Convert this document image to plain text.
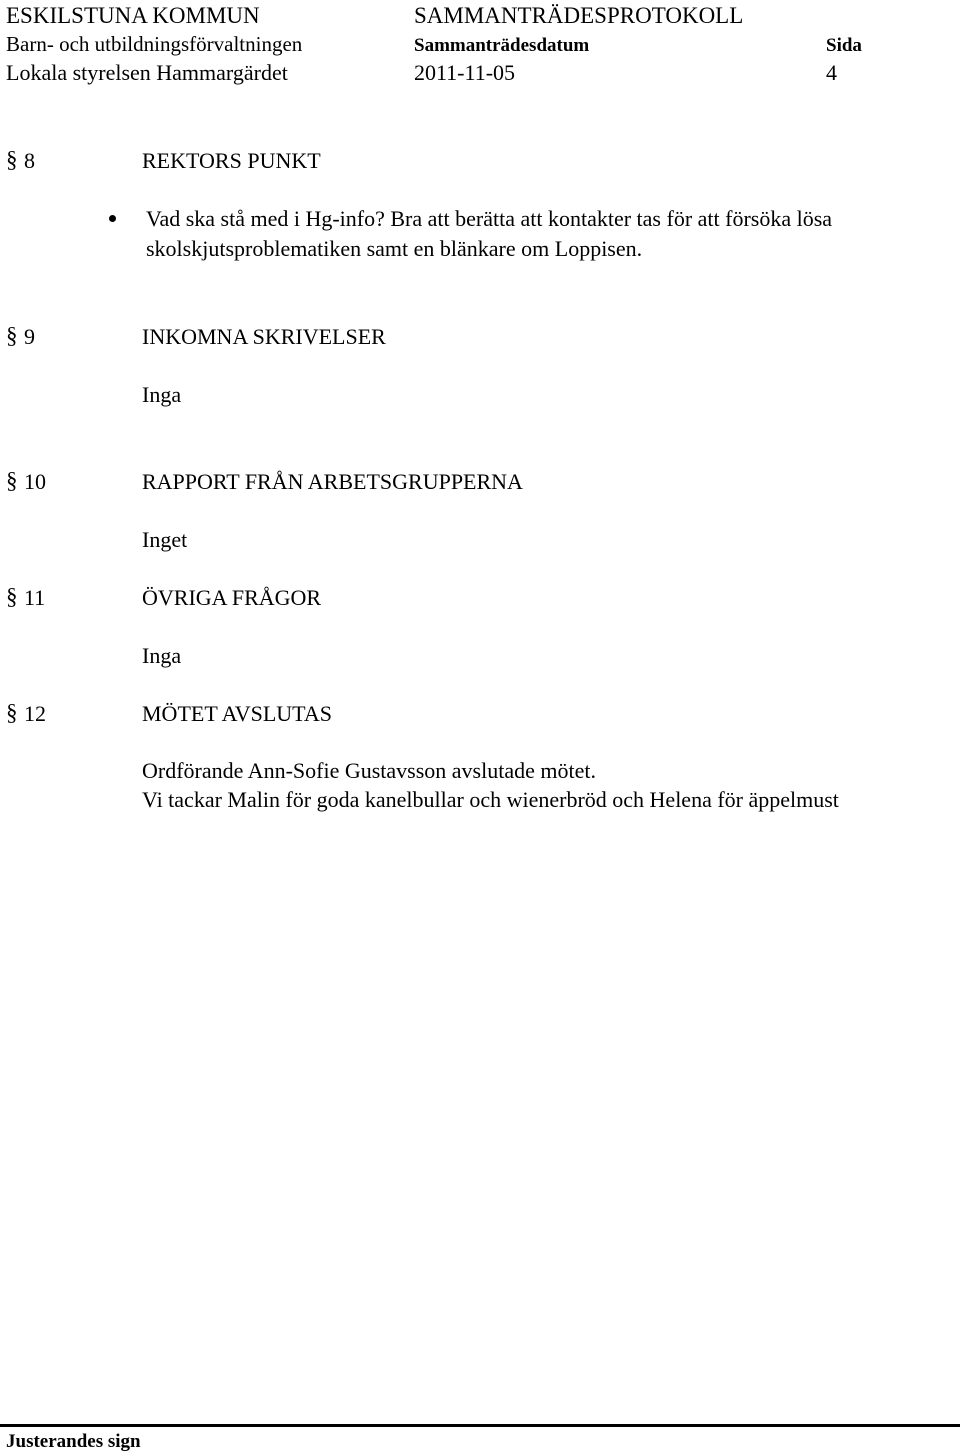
ESKILSTUNA KOMMUN	SAMMANTRÄDESPROTOKOLL
Barn- och utbildningsförvaltningen	Sammanträdesdatum	Sida
Lokala styrelsen Hammargärdet	2011-11-05	4
§ 8	REKTORS PUNKT
Vad ska stå med i Hg-info? Bra att berätta att kontakter tas för att försöka lösa
skolskjutsproblematiken samt en blänkare om Loppisen.
§ 9	INKOMNA SKRIVELSER
Inga
§ 10	RAPPORT FRÅN ARBETSGRUPPERNA
Inget
§ 11	ÖVRIGA FRÅGOR
Inga
§ 12	MÖTET AVSLUTAS
Ordförande Ann-Sofie Gustavsson avslutade mötet.
Vi tackar Malin för goda kanelbullar och wienerbröd och Helena för äppelmust
Justerandes sign
